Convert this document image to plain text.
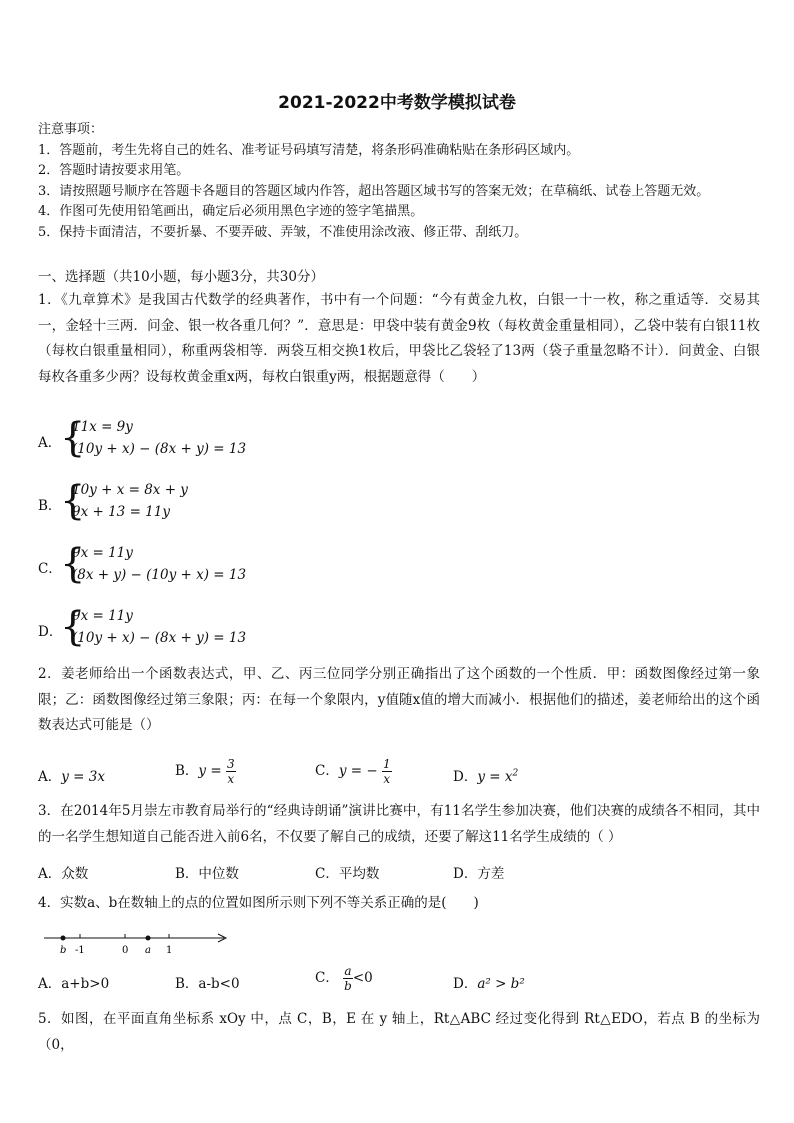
2021-2022中考数学模拟试卷
注意事项：
1．答题前，考生先将自己的姓名、准考证号码填写清楚，将条形码准确粘贴在条形码区域内。
2．答题时请按要求用笔。
3．请按照题号顺序在答题卡各题目的答题区域内作答，超出答题区域书写的答案无效；在草稿纸、试卷上答题无效。
4．作图可先使用铅笔画出，确定后必须用黑色字迹的签字笔描黑。
5．保持卡面清洁，不要折暴、不要弄破、弄皱，不准使用涂改液、修正带、刮纸刀。
一、选择题（共10小题，每小题3分，共30分）
1．《九章算术》是我国古代数学的经典著作，书中有一个问题：“今有黄金九枚，白银一十一枚，称之重适等．交易其一，金轻十三两．问金、银一枚各重几何？”．意思是：甲袋中装有黄金9枚（每枚黄金重量相同），乙袋中装有白银11枚（每枚白银重量相同），称重两袋相等．两袋互相交换1枚后，甲袋比乙袋轻了13两（袋子重量忽略不计）．问黄金、白银每枚各重多少两？设每枚黄金重x两，每枚白银重y两，根据题意得（　　）
A．
{
11x = 9y
(10y + x) − (8x + y) = 13
B．
{
10y + x = 8x + y
9x + 13 = 11y
C．
{
9x = 11y
(8x + y) − (10y + x) = 13
D．
{
9x = 11y
(10y + x) − (8x + y) = 13
2．姜老师给出一个函数表达式，甲、乙、丙三位同学分别正确指出了这个函数的一个性质．甲：函数图像经过第一象限；乙：函数图像经过第三象限；丙：在每一个象限内，y值随x值的增大而减小．根据他们的描述，姜老师给出的这个函数表达式可能是（）
A．y = 3x	B．$y = \frac{3}{x}$	C．y = − $\frac{1}{x}$	D．$y = x^2$
3．在2014年5月崇左市教育局举行的“经典诗朗诵”演讲比赛中，有11名学生参加决赛，他们决赛的成绩各不相同，其中的一名学生想知道自己能否进入前6名，不仅要了解自己的成绩，还要了解这11名学生成绩的（ ）
A．众数	B．中位数	C．平均数	D．方差
4．实数a、b在数轴上的点的位置如图所示则下列不等关系正确的是(　　)
b -1	0 a 1
A．a+b>0	B．a-b<0	C． $\frac{a}{b} <0$	D．a² > b²
5．如图，在平面直角坐标系 xOy 中，点 C，B，E 在 y 轴上，Rt△ABC 经过变化得到 Rt△EDO，若点 B 的坐标为（0，
